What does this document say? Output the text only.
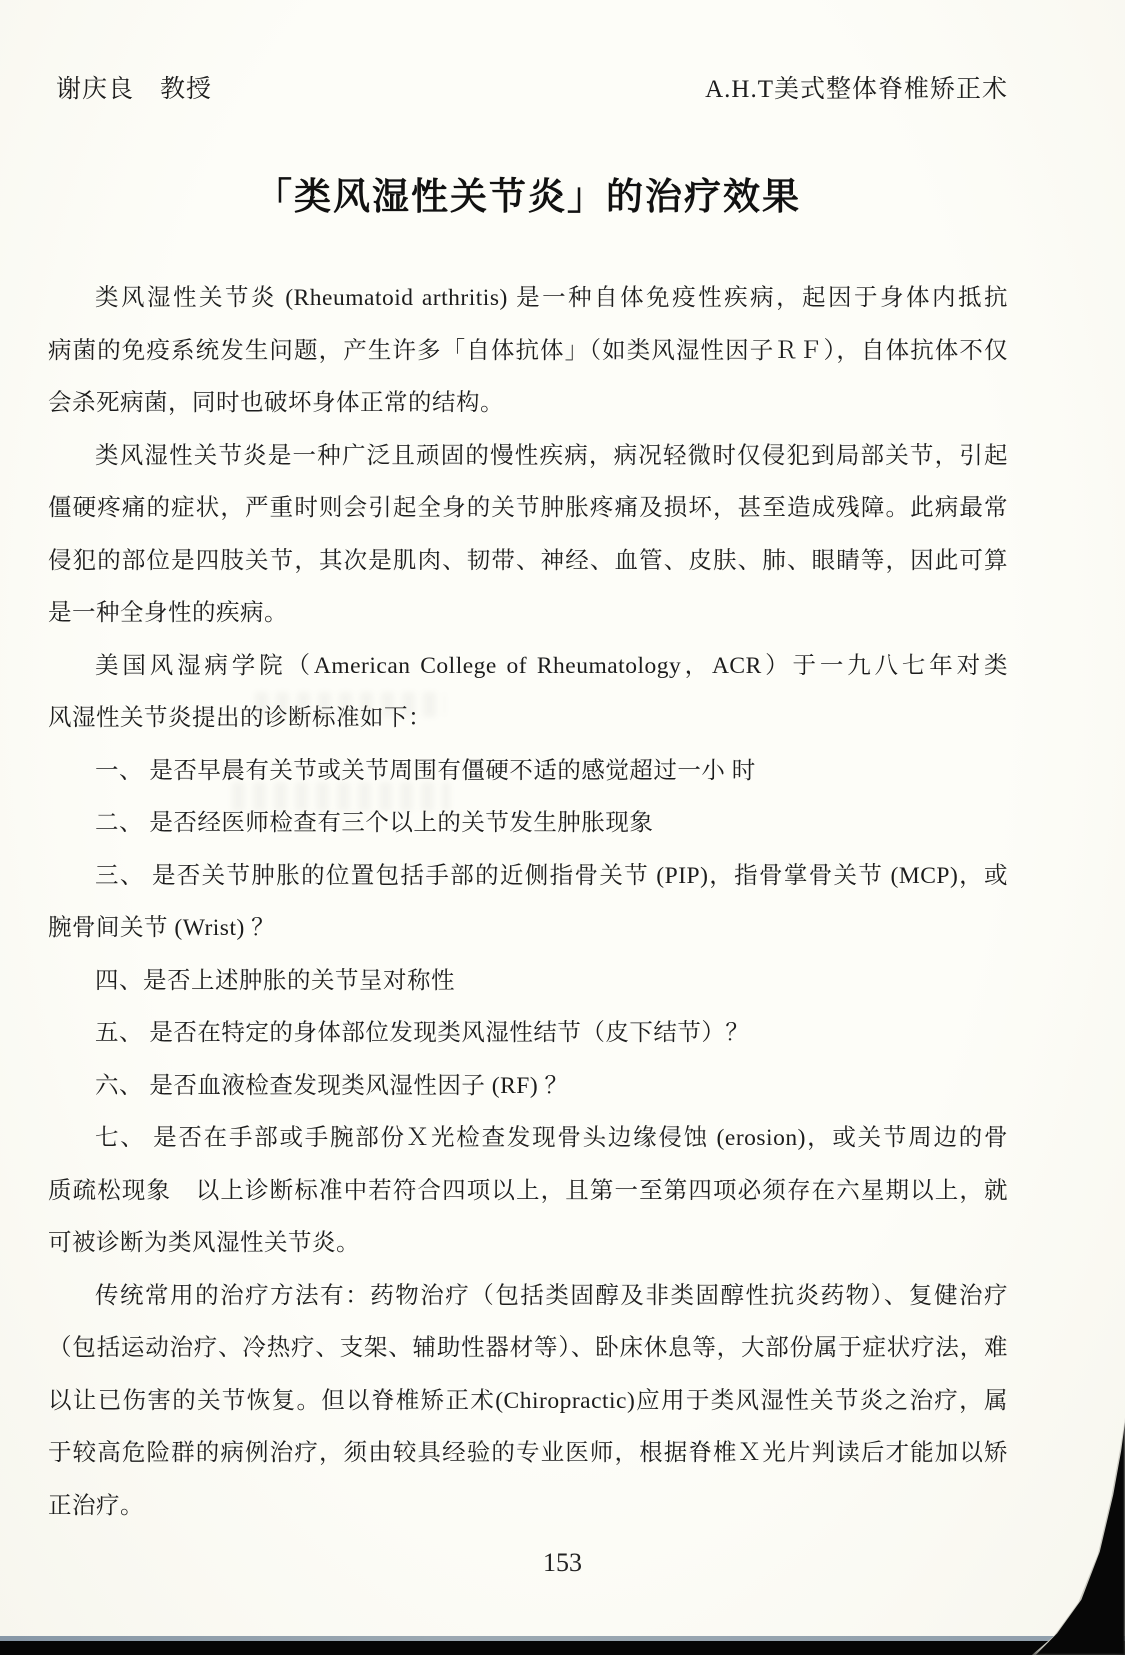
谢庆良　教授	A.H.T美式整体脊椎矫正术
「类风湿性关节炎」的治疗效果
类风湿性关节炎 (Rheumatoid arthritis) 是一种自体免疫性疾病，起因于身体内抵抗
病菌的免疫系统发生问题，产生许多「自体抗体」（如类风湿性因子ＲＦ），自体抗体不仅
会杀死病菌，同时也破坏身体正常的结构。
类风湿性关节炎是一种广泛且顽固的慢性疾病，病况轻微时仅侵犯到局部关节，引起
僵硬疼痛的症状，严重时则会引起全身的关节肿胀疼痛及损坏，甚至造成残障。此病最常
侵犯的部位是四肢关节，其次是肌肉、韧带、神经、血管、皮肤、肺、眼睛等，因此可算
是一种全身性的疾病。
美国风湿病学院（American College of Rheumatology，ACR）于一九八七年对类
风湿性关节炎提出的诊断标准如下：
一、 是否早晨有关节或关节周围有僵硬不适的感觉超过一小 时
二、 是否经医师检查有三个以上的关节发生肿胀现象
三、 是否关节肿胀的位置包括手部的近侧指骨关节 (PIP)，指骨掌骨关节 (MCP)，或
腕骨间关节 (Wrist) ？
四、是否上述肿胀的关节呈对称性
五、 是否在特定的身体部位发现类风湿性结节（皮下结节）？
六、 是否血液检查发现类风湿性因子 (RF) ？
七、 是否在手部或手腕部份Ｘ光检查发现骨头边缘侵蚀 (erosion)，或关节周边的骨
质疏松现象　以上诊断标准中若符合四项以上，且第一至第四项必须存在六星期以上，就
可被诊断为类风湿性关节炎。
传统常用的治疗方法有：药物治疗（包括类固醇及非类固醇性抗炎药物）、复健治疗
（包括运动治疗、冷热疗、支架、辅助性器材等）、卧床休息等，大部份属于症状疗法，难
以让已伤害的关节恢复。但以脊椎矫正术(Chiropractic)应用于类风湿性关节炎之治疗，属
于较高危险群的病例治疗，须由较具经验的专业医师，根据脊椎Ｘ光片判读后才能加以矫
正治疗。
153
